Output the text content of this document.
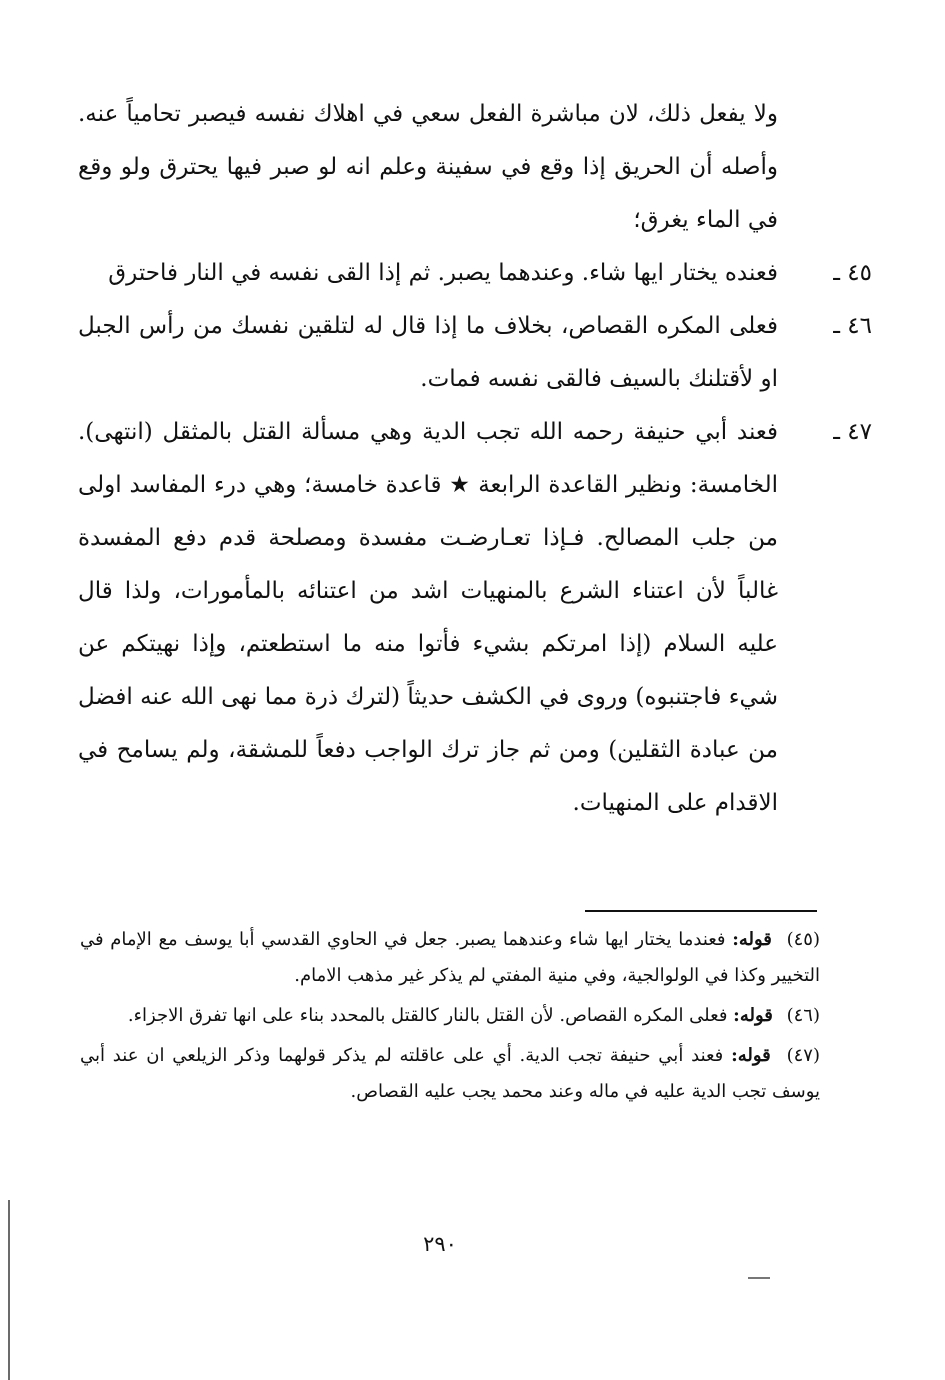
ولا يفعل ذلك، لان مباشرة الفعل سعي في اهلاك نفسه فيصبر تحامياً عنه. وأصله أن الحريق إذا وقع في سفينة وعلم انه لو صبر فيها يحترق ولو وقع في الماء يغرق؛

٤٥ ـ

فعنده يختار ايها شاء. وعندهما يصبر. ثم إذا القى نفسه في النار فاحترق

٤٦ ـ

فعلى المكره القصاص، بخلاف ما إذا قال له لتلقين نفسك من رأس الجبل او لأقتلنك بالسيف فالقى نفسه فمات.

٤٧ ـ

فعند أبي حنيفة رحمه الله تجب الدية وهي مسألة القتل بالمثقل (انتهى). الخامسة: ونظير القاعدة الرابعة ★ قاعدة خامسة؛ وهي درء المفاسد اولى من جلب المصالح. فـإذا تعـارضـت مفسدة ومصلحة قدم دفع المفسدة غالباً لأن اعتناء الشرع بالمنهيات اشد من اعتنائه بالمأمورات، ولذا قال عليه السلام (إذا امرتكم بشيء فأتوا منه ما استطعتم، وإذا نهيتكم عن شيء فاجتنبوه) وروى في الكشف حديثاً (لترك ذرة مما نهى الله عنه افضل من عبادة الثقلين) ومن ثم جاز ترك الواجب دفعاً للمشقة، ولم يسامح في الاقدام على المنهيات.

(٤٥) قوله: فعندما يختار ايها شاء وعندهما يصبر. جعل في الحاوي القدسي أبا يوسف مع الإمام في التخيير وكذا في الولوالجية، وفي منية المفتي لم يذكر غير مذهب الامام.

(٤٦) قوله: فعلى المكره القصاص. لأن القتل بالنار كالقتل بالمحدد بناء على انها تفرق الاجزاء.

(٤٧) قوله: فعند أبي حنيفة تجب الدية. أي على عاقلته لم يذكر قولهما وذكر الزيلعي ان عند أبي يوسف تجب الدية عليه في ماله وعند محمد يجب عليه القصاص.

٢٩٠
